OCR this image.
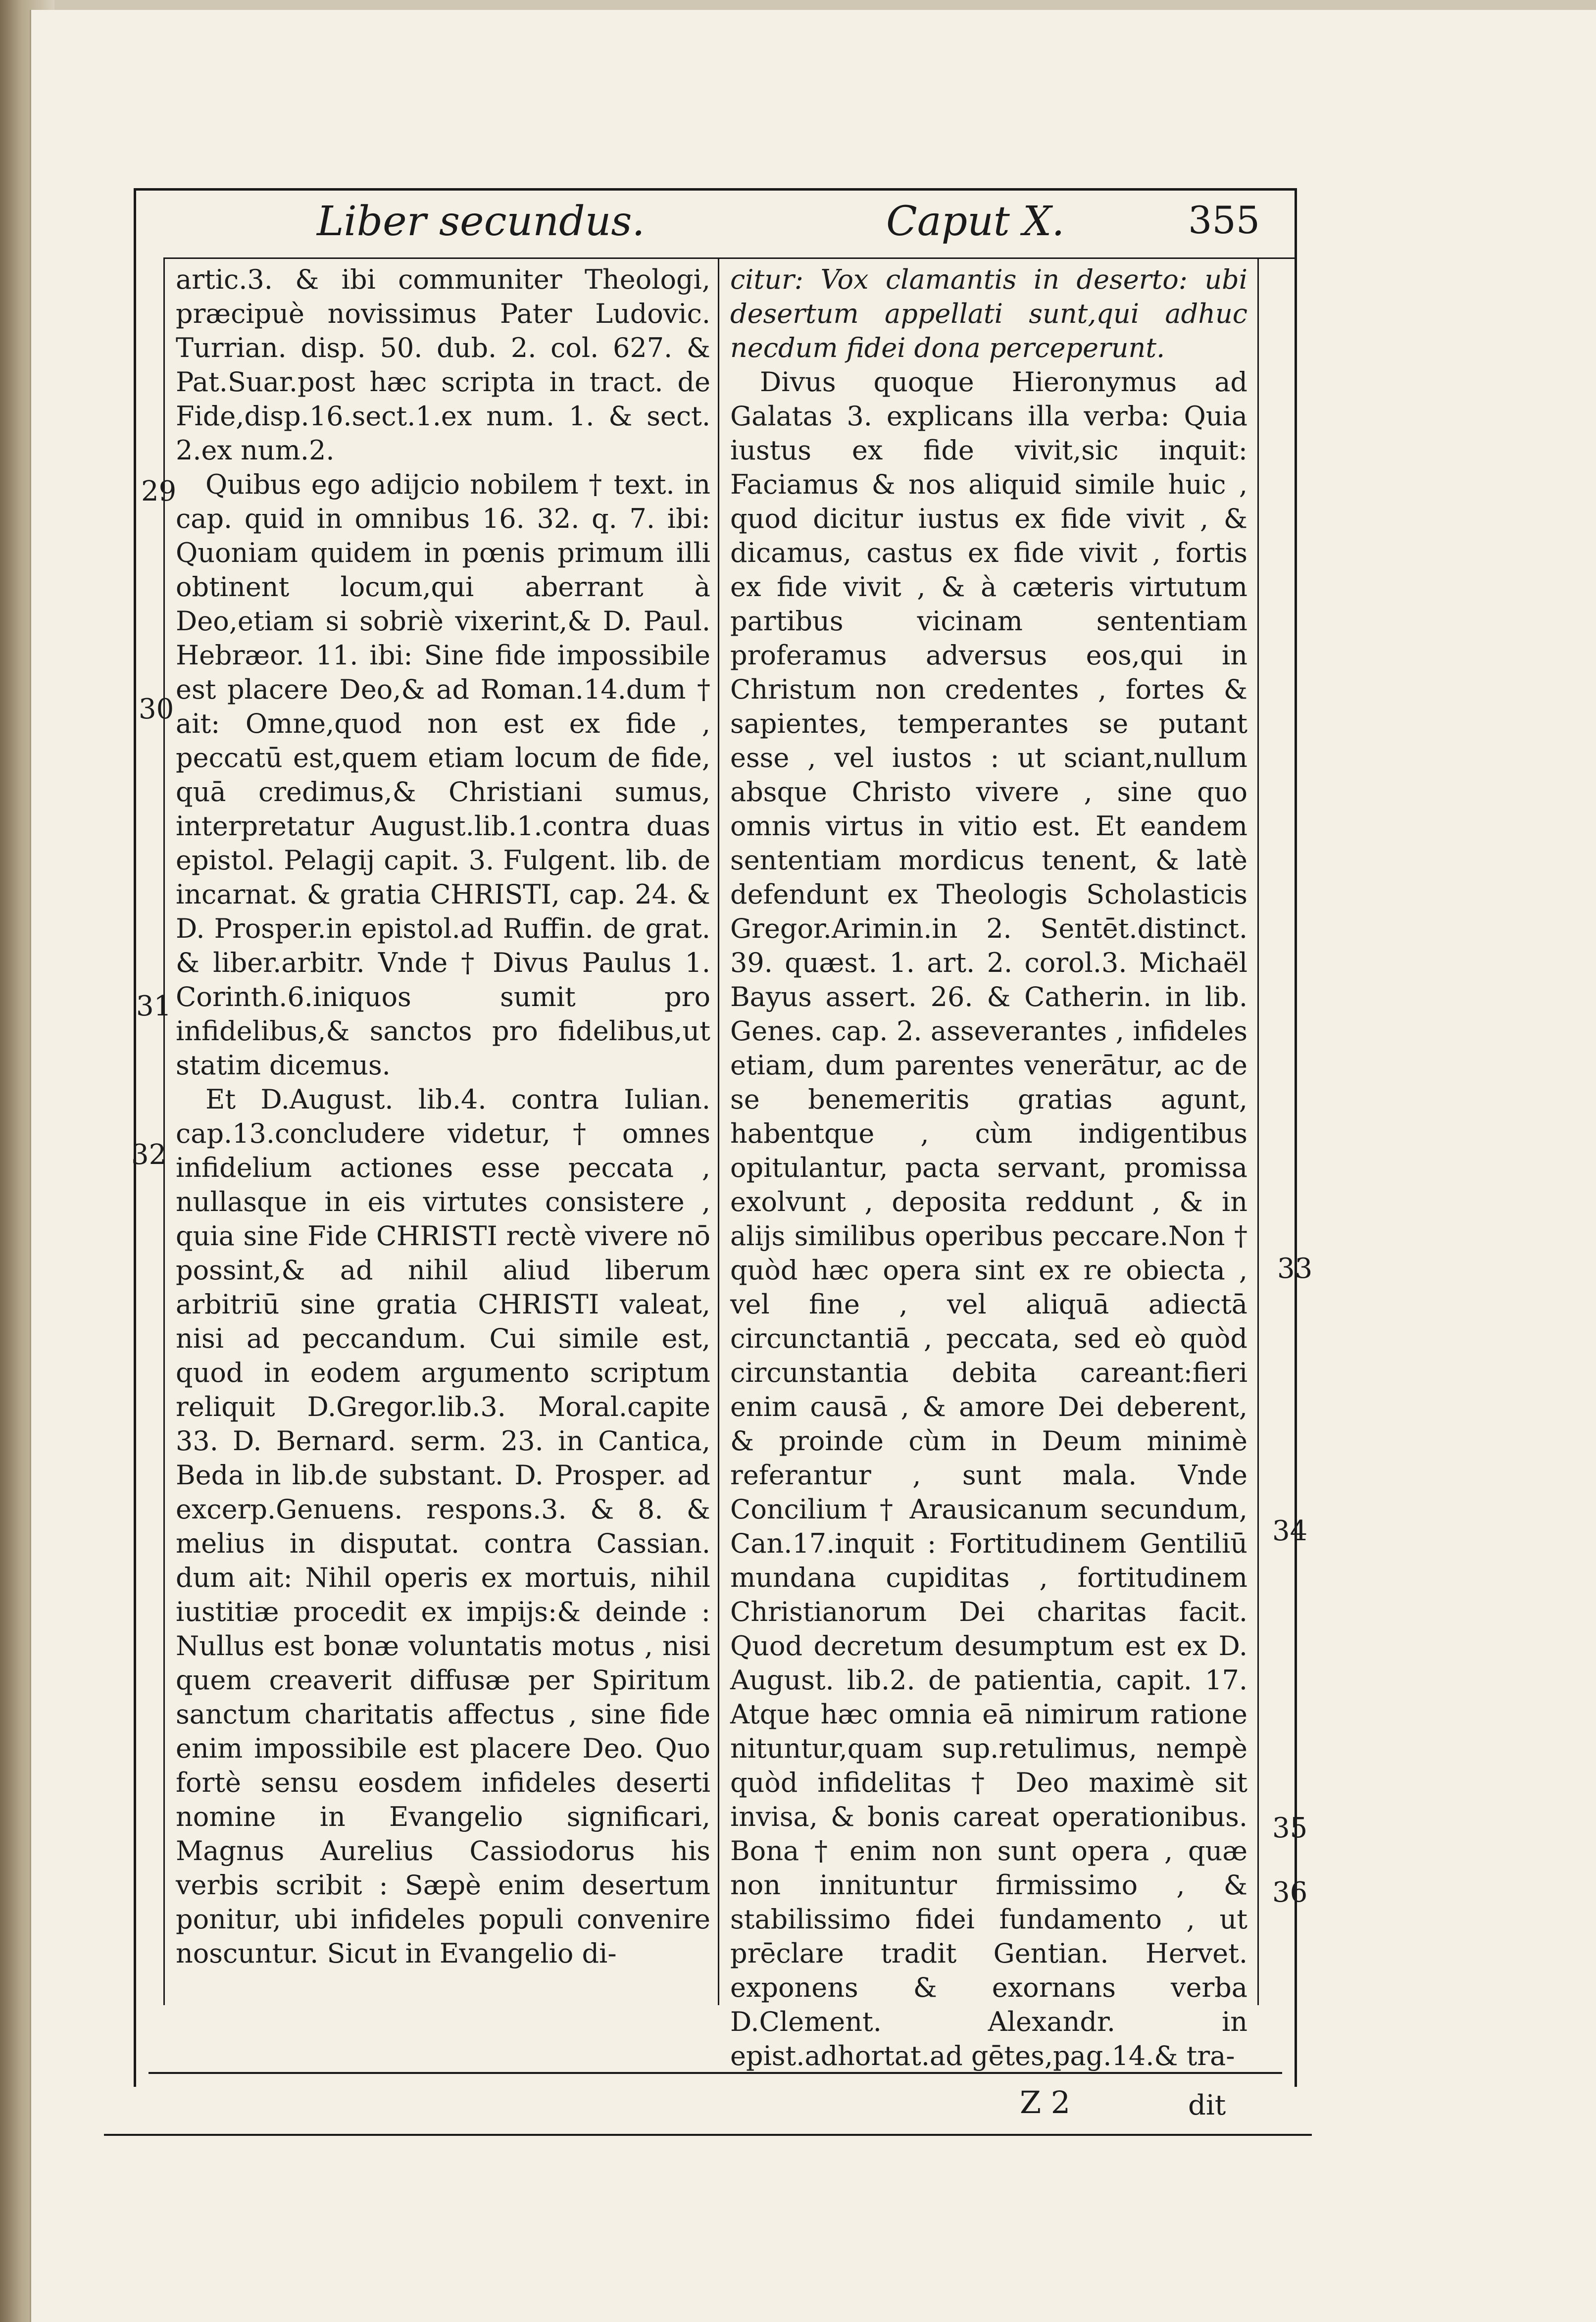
Liber secundus.	Caput X.	355
29
30
31
32
33
34
35
36

artic.3. & ibi communiter Theologi, præcipuè novissimus Pater Ludovic. Turrian. disp. 50. dub. 2. col. 627. & Pat.Suar.post hæc scripta in tract. de Fide,disp.16.sect.1.ex num. 1. & sect. 2.ex num.2.

Quibus ego adijcio nobilem † text. in cap. quid in omnibus 16. 32. q. 7. ibi: Quoniam quidem in pœnis primum illi obtinent locum,qui aberrant à Deo,etiam si sobriè vixerint,& D. Paul. Hebræor. 11. ibi: Sine fide impossibile est placere Deo,& ad Roman.14.dum † ait: Omne,quod non est ex fide , peccatū est,quem etiam locum de fide, quā credimus,& Christiani sumus, interpretatur August.lib.1.contra duas epistol. Pelagij capit. 3. Fulgent. lib. de incarnat. & gratia CHRISTI, cap. 24. & D. Prosper.in epistol.ad Ruffin. de grat. & liber.arbitr. Vnde † Divus Paulus 1. Corinth.6.iniquos sumit pro infidelibus,& sanctos pro fidelibus,ut statim dicemus.

Et D.August. lib.4. contra Iulian. cap.13.concludere videtur, † omnes infidelium actiones esse peccata , nullasque in eis virtutes consistere , quia sine Fide CHRISTI rectè vivere nō possint,& ad nihil aliud liberum arbitriū sine gratia CHRISTI valeat, nisi ad peccandum. Cui simile est, quod in eodem argumento scriptum reliquit D.Gregor.lib.3. Moral.capite 33. D. Bernard. serm. 23. in Cantica, Beda in lib.de substant. D. Prosper. ad excerp.Genuens. respons.3. & 8. & melius in disputat. contra Cassian. dum ait: Nihil operis ex mortuis, nihil iustitiæ procedit ex impijs:& deinde : Nullus est bonæ voluntatis motus , nisi quem creaverit diffusæ per Spiritum sanctum charitatis affectus , sine fide enim impossibile est placere Deo. Quo fortè sensu eosdem infideles deserti nomine in Evangelio significari, Magnus Aurelius Cassiodorus his verbis scribit : Sæpè enim desertum ponitur, ubi infideles populi convenire noscuntur. Sicut in Evangelio di-

citur: Vox clamantis in deserto: ubi desertum appellati sunt,qui adhuc necdum fidei dona perceperunt.

Divus quoque Hieronymus ad Galatas 3. explicans illa verba: Quia iustus ex fide vivit,sic inquit: Faciamus & nos aliquid simile huic , quod dicitur iustus ex fide vivit , & dicamus, castus ex fide vivit , fortis ex fide vivit , & à cæteris virtutum partibus vicinam sententiam proferamus adversus eos,qui in Christum non credentes , fortes & sapientes, temperantes se putant esse , vel iustos : ut sciant,nullum absque Christo vivere , sine quo omnis virtus in vitio est. Et eandem sententiam mordicus tenent, & latè defendunt ex Theologis Scholasticis Gregor.Arimin.in 2. Sentēt.distinct. 39. quæst. 1. art. 2. corol.3. Michaël Bayus assert. 26. & Catherin. in lib. Genes. cap. 2. asseverantes , infideles etiam, dum parentes venerātur, ac de se benemeritis gratias agunt, habentque , cùm indigentibus opitulantur, pacta servant, promissa exolvunt , deposita reddunt , & in alijs similibus operibus peccare.Non † quòd hæc opera sint ex re obiecta , vel fine , vel aliquā adiectā circunctantiā , peccata, sed eò quòd circunstantia debita careant:fieri enim causā , & amore Dei deberent, & proinde cùm in Deum minimè referantur , sunt mala. Vnde Concilium † Arausicanum secundum, Can.17.inquit : Fortitudinem Gentiliū mundana cupiditas , fortitudinem Christianorum Dei charitas facit. Quod decretum desumptum est ex D. August. lib.2. de patientia, capit. 17. Atque hæc omnia eā nimirum ratione nituntur,quam sup.retulimus, nempè quòd infidelitas † Deo maximè sit invisa, & bonis careat operationibus. Bona † enim non sunt opera , quæ non innituntur firmissimo , & stabilissimo fidei fundamento , ut prēclare tradit Gentian. Hervet. exponens & exornans verba D.Clement. Alexandr. in epist.adhortat.ad gētes,pag.14.& tra-

Z 2	dit
